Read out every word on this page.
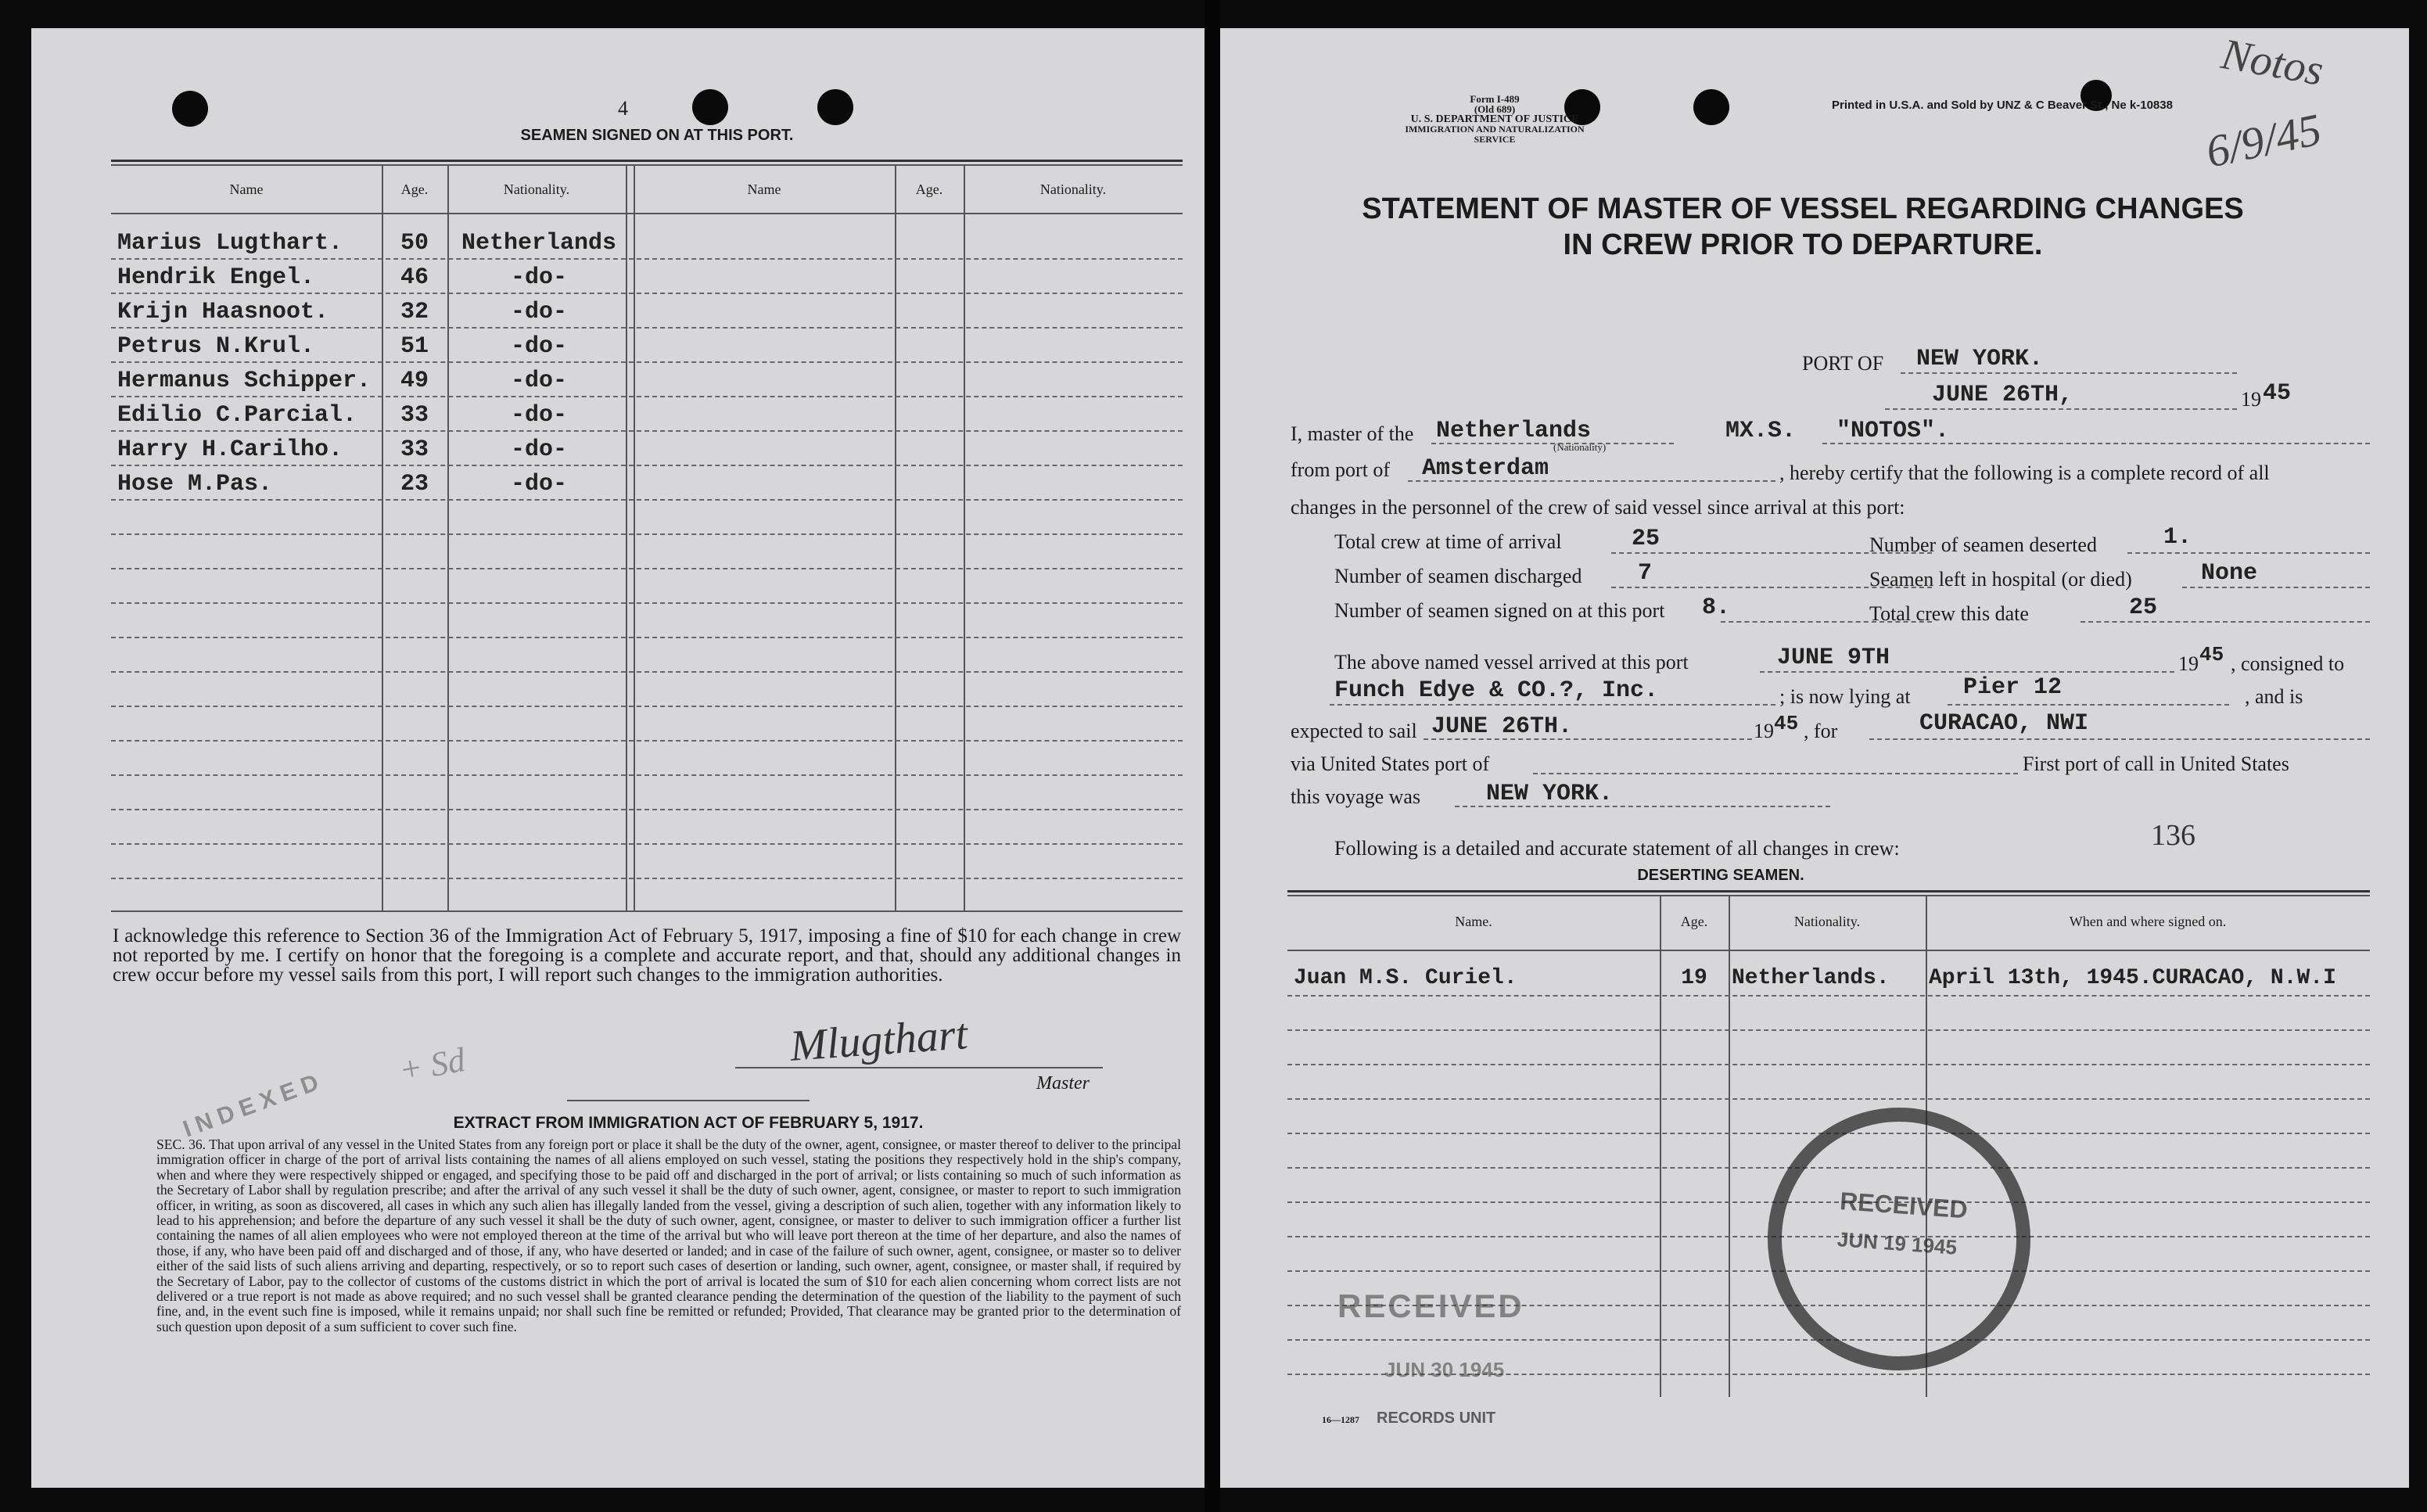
4
SEAMEN SIGNED ON AT THIS PORT.
Name	Age.	Nationality.	Name	Age.	Nationality.
Marius Lugthart.	50	Netherlands
Hendrik Engel.	46	-do-
Krijn Haasnoot.	32	-do-
Petrus N.Krul.	51	-do-
Hermanus Schipper.	49	-do-
Edilio C.Parcial.	33	-do-
Harry H.Carilho.	33	-do-
Hose M.Pas.	23	-do-
I acknowledge this reference to Section 36 of the Immigration Act of February 5, 1917, imposing a fine of $10 for each change in crew not reported by me. I certify on honor that the foregoing is a complete and accurate report, and that, should any additional changes in crew occur before my vessel sails from this port, I will report such changes to the immigration authorities.
Mlugthart
Master
INDEXED
+ Sd
EXTRACT FROM IMMIGRATION ACT OF FEBRUARY 5, 1917.
SEC. 36. That upon arrival of any vessel in the United States from any foreign port or place it shall be the duty of the owner, agent, consignee, or master thereof to deliver to the principal immigration officer in charge of the port of arrival lists containing the names of all aliens employed on such vessel, stating the positions they respectively hold in the ship's company, when and where they were respectively shipped or engaged, and specifying those to be paid off and discharged in the port of arrival; or lists containing so much of such information as the Secretary of Labor shall by regulation prescribe; and after the arrival of any such vessel it shall be the duty of such owner, agent, consignee, or master to report to such immigration officer, in writing, as soon as discovered, all cases in which any such alien has illegally landed from the vessel, giving a description of such alien, together with any information likely to lead to his apprehension; and before the departure of any such vessel it shall be the duty of such owner, agent, consignee, or master to deliver to such immigration officer a further list containing the names of all alien employees who were not employed thereon at the time of the arrival but who will leave port thereon at the time of her departure, and also the names of those, if any, who have been paid off and discharged and of those, if any, who have deserted or landed; and in case of the failure of such owner, agent, consignee, or master so to deliver either of the said lists of such aliens arriving and departing, respectively, or so to report such cases of desertion or landing, such owner, agent, consignee, or master shall, if required by the Secretary of Labor, pay to the collector of customs of the customs district in which the port of arrival is located the sum of $10 for each alien concerning whom correct lists are not delivered or a true report is not made as above required; and no such vessel shall be granted clearance pending the determination of the question of the liability to the payment of such fine, and, in the event such fine is imposed, while it remains unpaid; nor shall such fine be remitted or refunded; Provided, That clearance may be granted prior to the determination of such question upon deposit of a sum sufficient to cover such fine.
Form I-489
(Old 689)
U. S. DEPARTMENT OF JUSTICE
IMMIGRATION AND NATURALIZATION SERVICE
Printed in U.S.A. and Sold by UNZ & C Beaver St., Ne k-10838
Notos
6/9/45
STATEMENT OF MASTER OF VESSEL REGARDING CHANGES
IN CREW PRIOR TO DEPARTURE.
PORT OF NEW YORK.
JUNE 26TH,	19 45
I, master of the Netherlands
(Nationality)
MX.S. "NOTOS".
from port of Amsterdam	, hereby certify that the following is a complete record of all
changes in the personnel of the crew of said vessel since arrival at this port:
Total crew at time of arrival	25	Number of seamen deserted	1.
Number of seamen discharged 7	Seamen left in hospital (or died)	None
Number of seamen signed on at this port 8.	Total crew this date	25
The above named vessel arrived at this port	JUNE 9TH	19 45 , consigned to
Funch Edye & CO.?, Inc.	; is now lying at Pier 12	, and is
expected to sail JUNE 26TH.	19 45 , for	CURACAO, NWI
via United States port of	First port of call in United States
this voyage was	NEW YORK.
Following is a detailed and accurate statement of all changes in crew:	136
DESERTING SEAMEN.
Name.	Age.	Nationality.	When and where signed on.
Juan M.S. Curiel.	19	Netherlands.	April 13th, 1945.CURACAO, N.W.I
RECEIVED
JUN 30 1945
RECEIVED
JUN 19 1945
16—1287 RECORDS UNIT
